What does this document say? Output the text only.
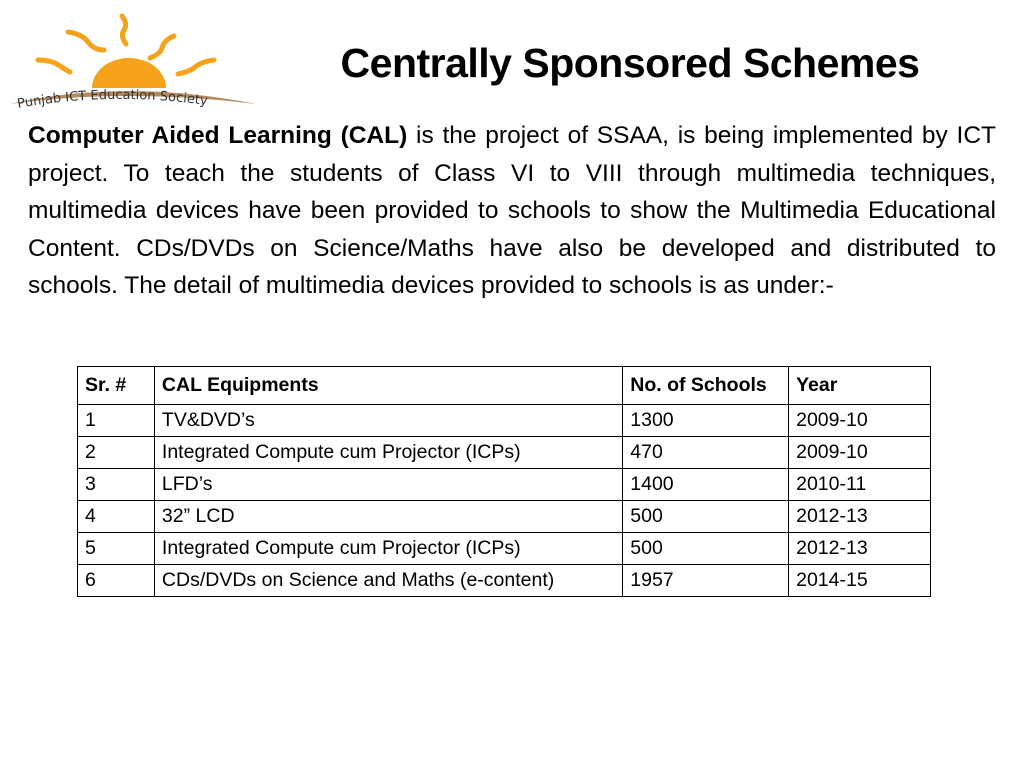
Punjab ICT Education Society
Centrally Sponsored Schemes
Computer Aided Learning (CAL) is the project of SSAA, is being implemented by ICT project. To teach the students of Class VI to VIII through multimedia techniques, multimedia devices have been provided to schools to show the Multimedia Educational Content. CDs/DVDs on Science/Maths have also be developed and distributed to schools. The detail of multimedia devices provided to schools is as under:-
Sr. #	CAL Equipments	No. of Schools	Year
1	TV&DVD’s	1300	2009-10
2	Integrated Compute cum Projector (ICPs)	470	2009-10
3	LFD’s	1400	2010-11
4	32” LCD	500	2012-13
5	Integrated Compute cum Projector (ICPs)	500	2012-13
6	CDs/DVDs on Science and Maths (e-content)	1957	2014-15
